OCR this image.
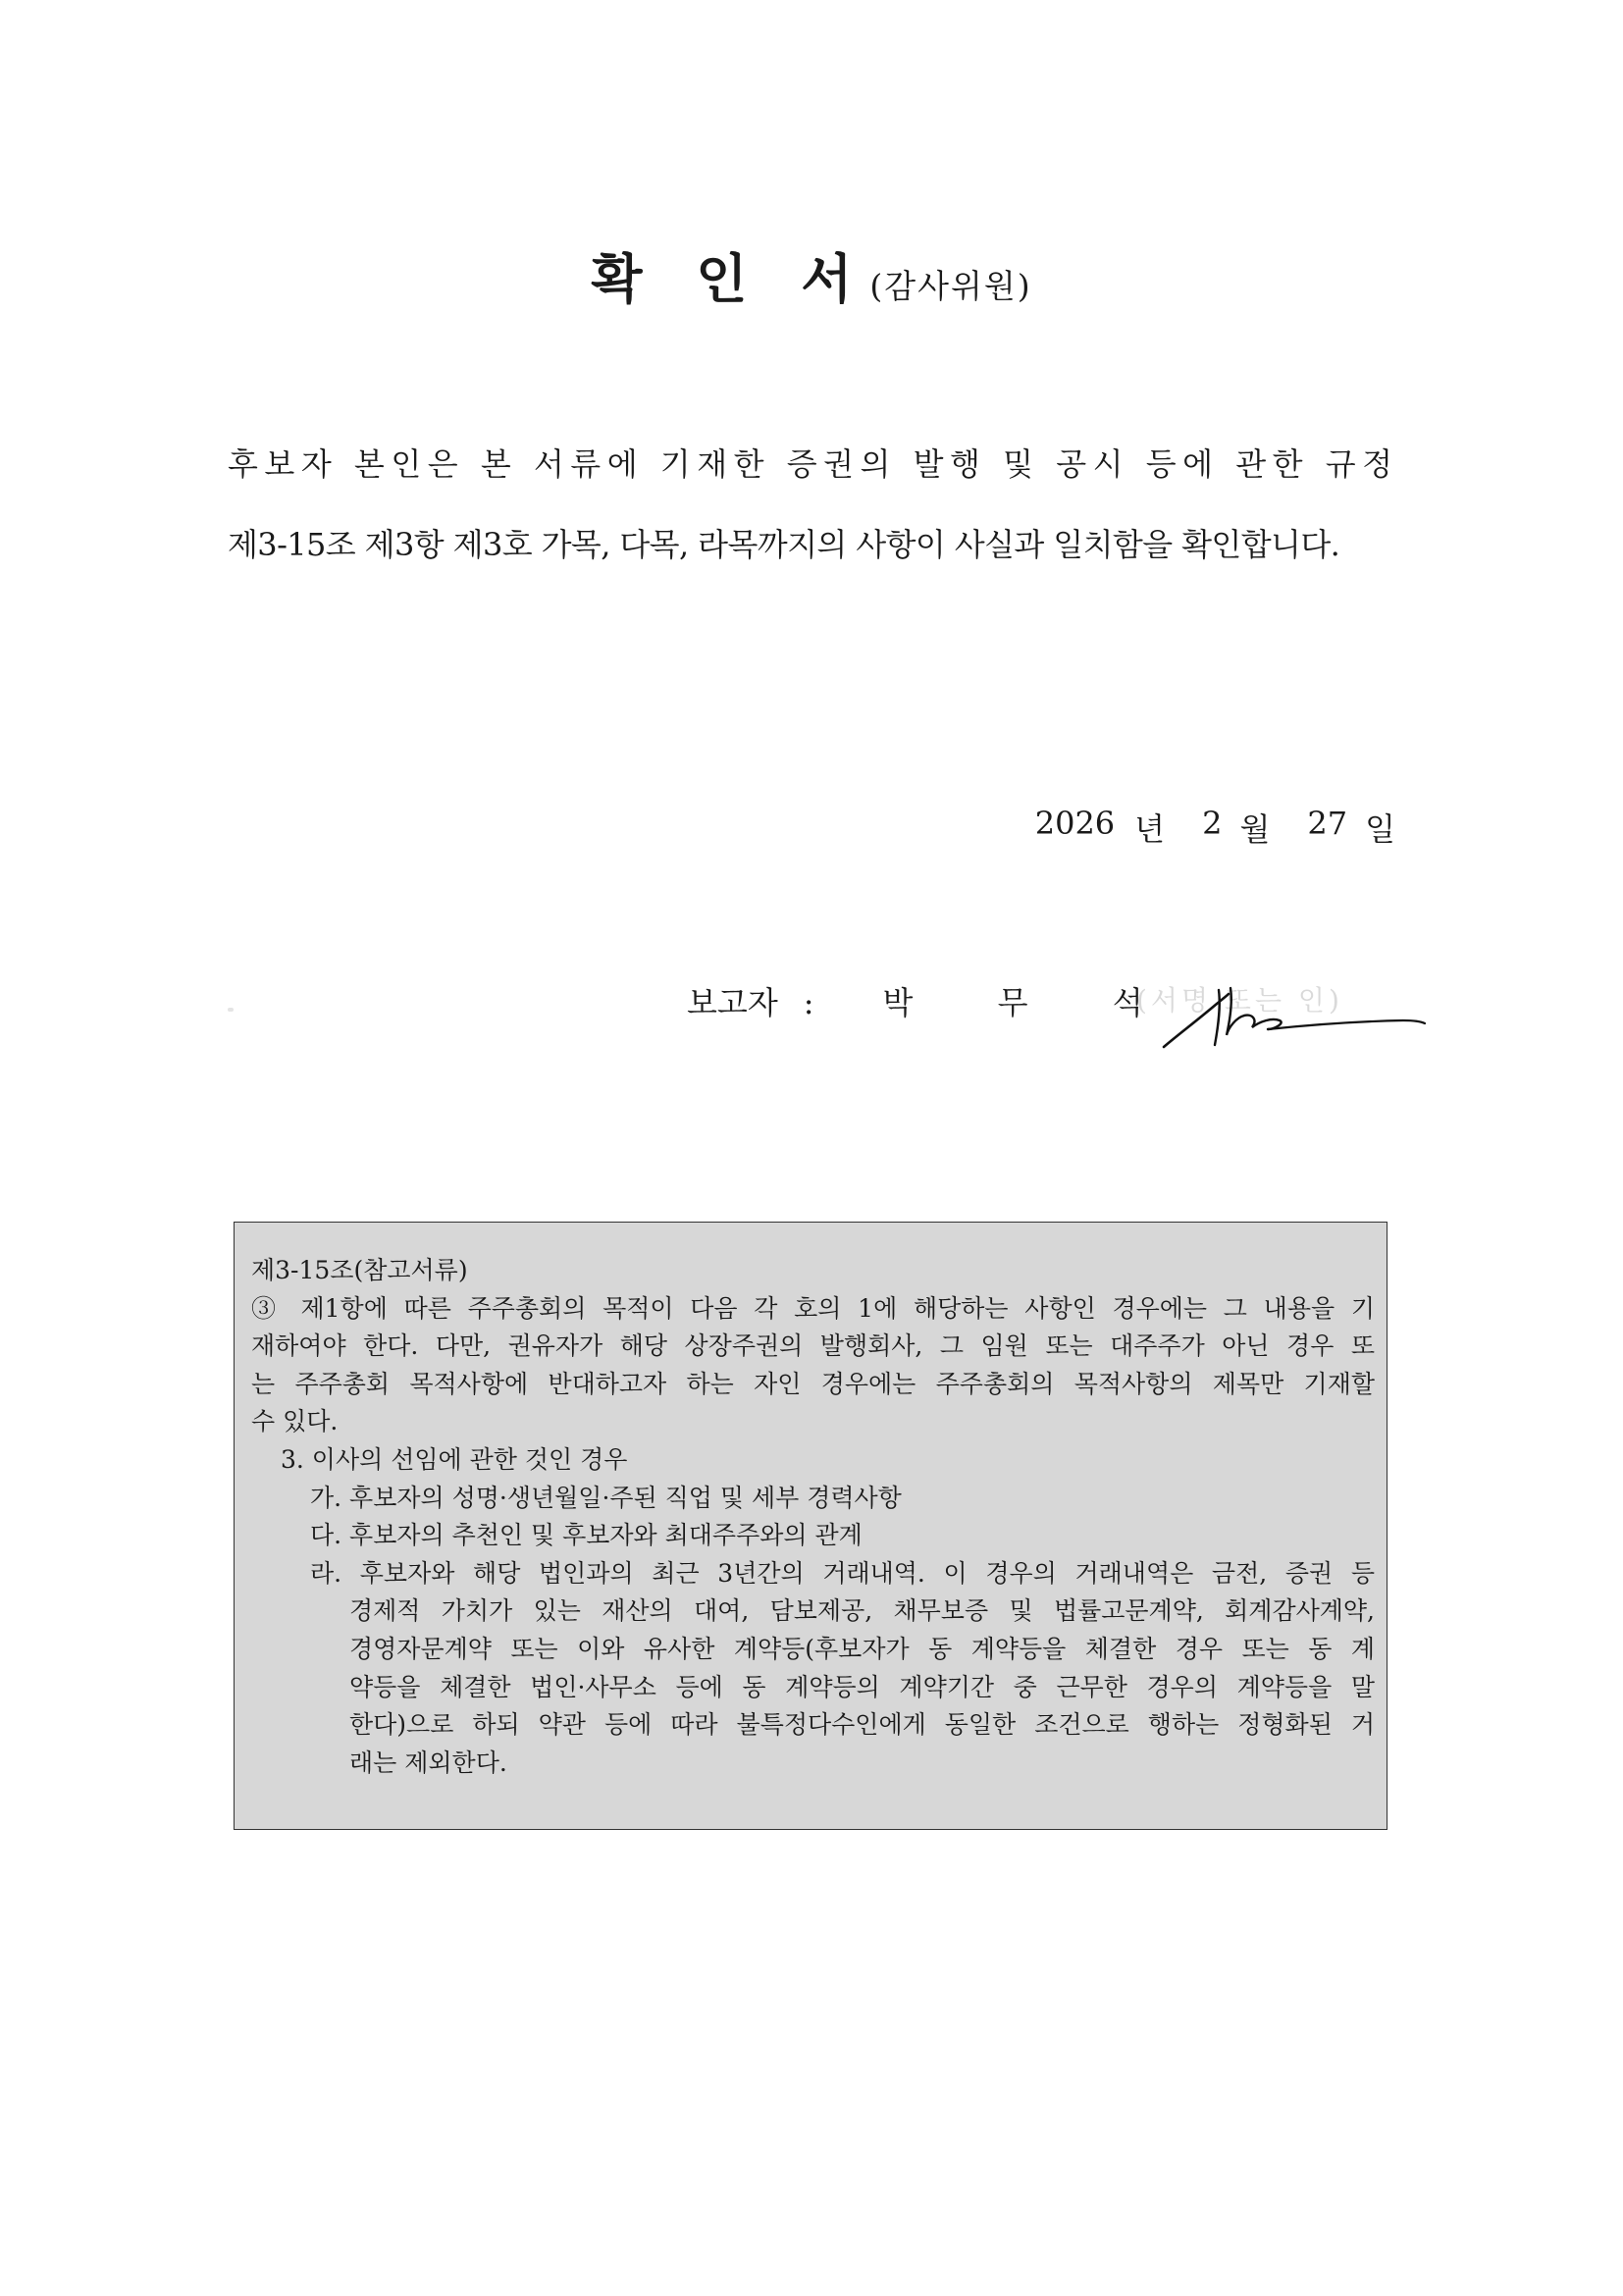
확 인 서(감사위원)
후보자 본인은 본 서류에 기재한 증권의 발행 및 공시 등에 관한 규정
제3-15조 제3항 제3호 가목, 다목, 라목까지의 사항이 사실과 일치함을 확인합니다.
2026 년 2 월 27 일
보고자 : 박 무 석
(서명 또는 인)
제3-15조(참고서류)
③ 제1항에 따른 주주총회의 목적이 다음 각 호의 1에 해당하는 사항인 경우에는 그 내용을 기
재하여야 한다. 다만, 권유자가 해당 상장주권의 발행회사, 그 임원 또는 대주주가 아닌 경우 또
는 주주총회 목적사항에 반대하고자 하는 자인 경우에는 주주총회의 목적사항의 제목만 기재할
수 있다.
3. 이사의 선임에 관한 것인 경우
가. 후보자의 성명·생년월일·주된 직업 및 세부 경력사항
다. 후보자의 추천인 및 후보자와 최대주주와의 관계
라. 후보자와 해당 법인과의 최근 3년간의 거래내역. 이 경우의 거래내역은 금전, 증권 등
경제적 가치가 있는 재산의 대여, 담보제공, 채무보증 및 법률고문계약, 회계감사계약,
경영자문계약 또는 이와 유사한 계약등(후보자가 동 계약등을 체결한 경우 또는 동 계
약등을 체결한 법인·사무소 등에 동 계약등의 계약기간 중 근무한 경우의 계약등을 말
한다)으로 하되 약관 등에 따라 불특정다수인에게 동일한 조건으로 행하는 정형화된 거
래는 제외한다.
